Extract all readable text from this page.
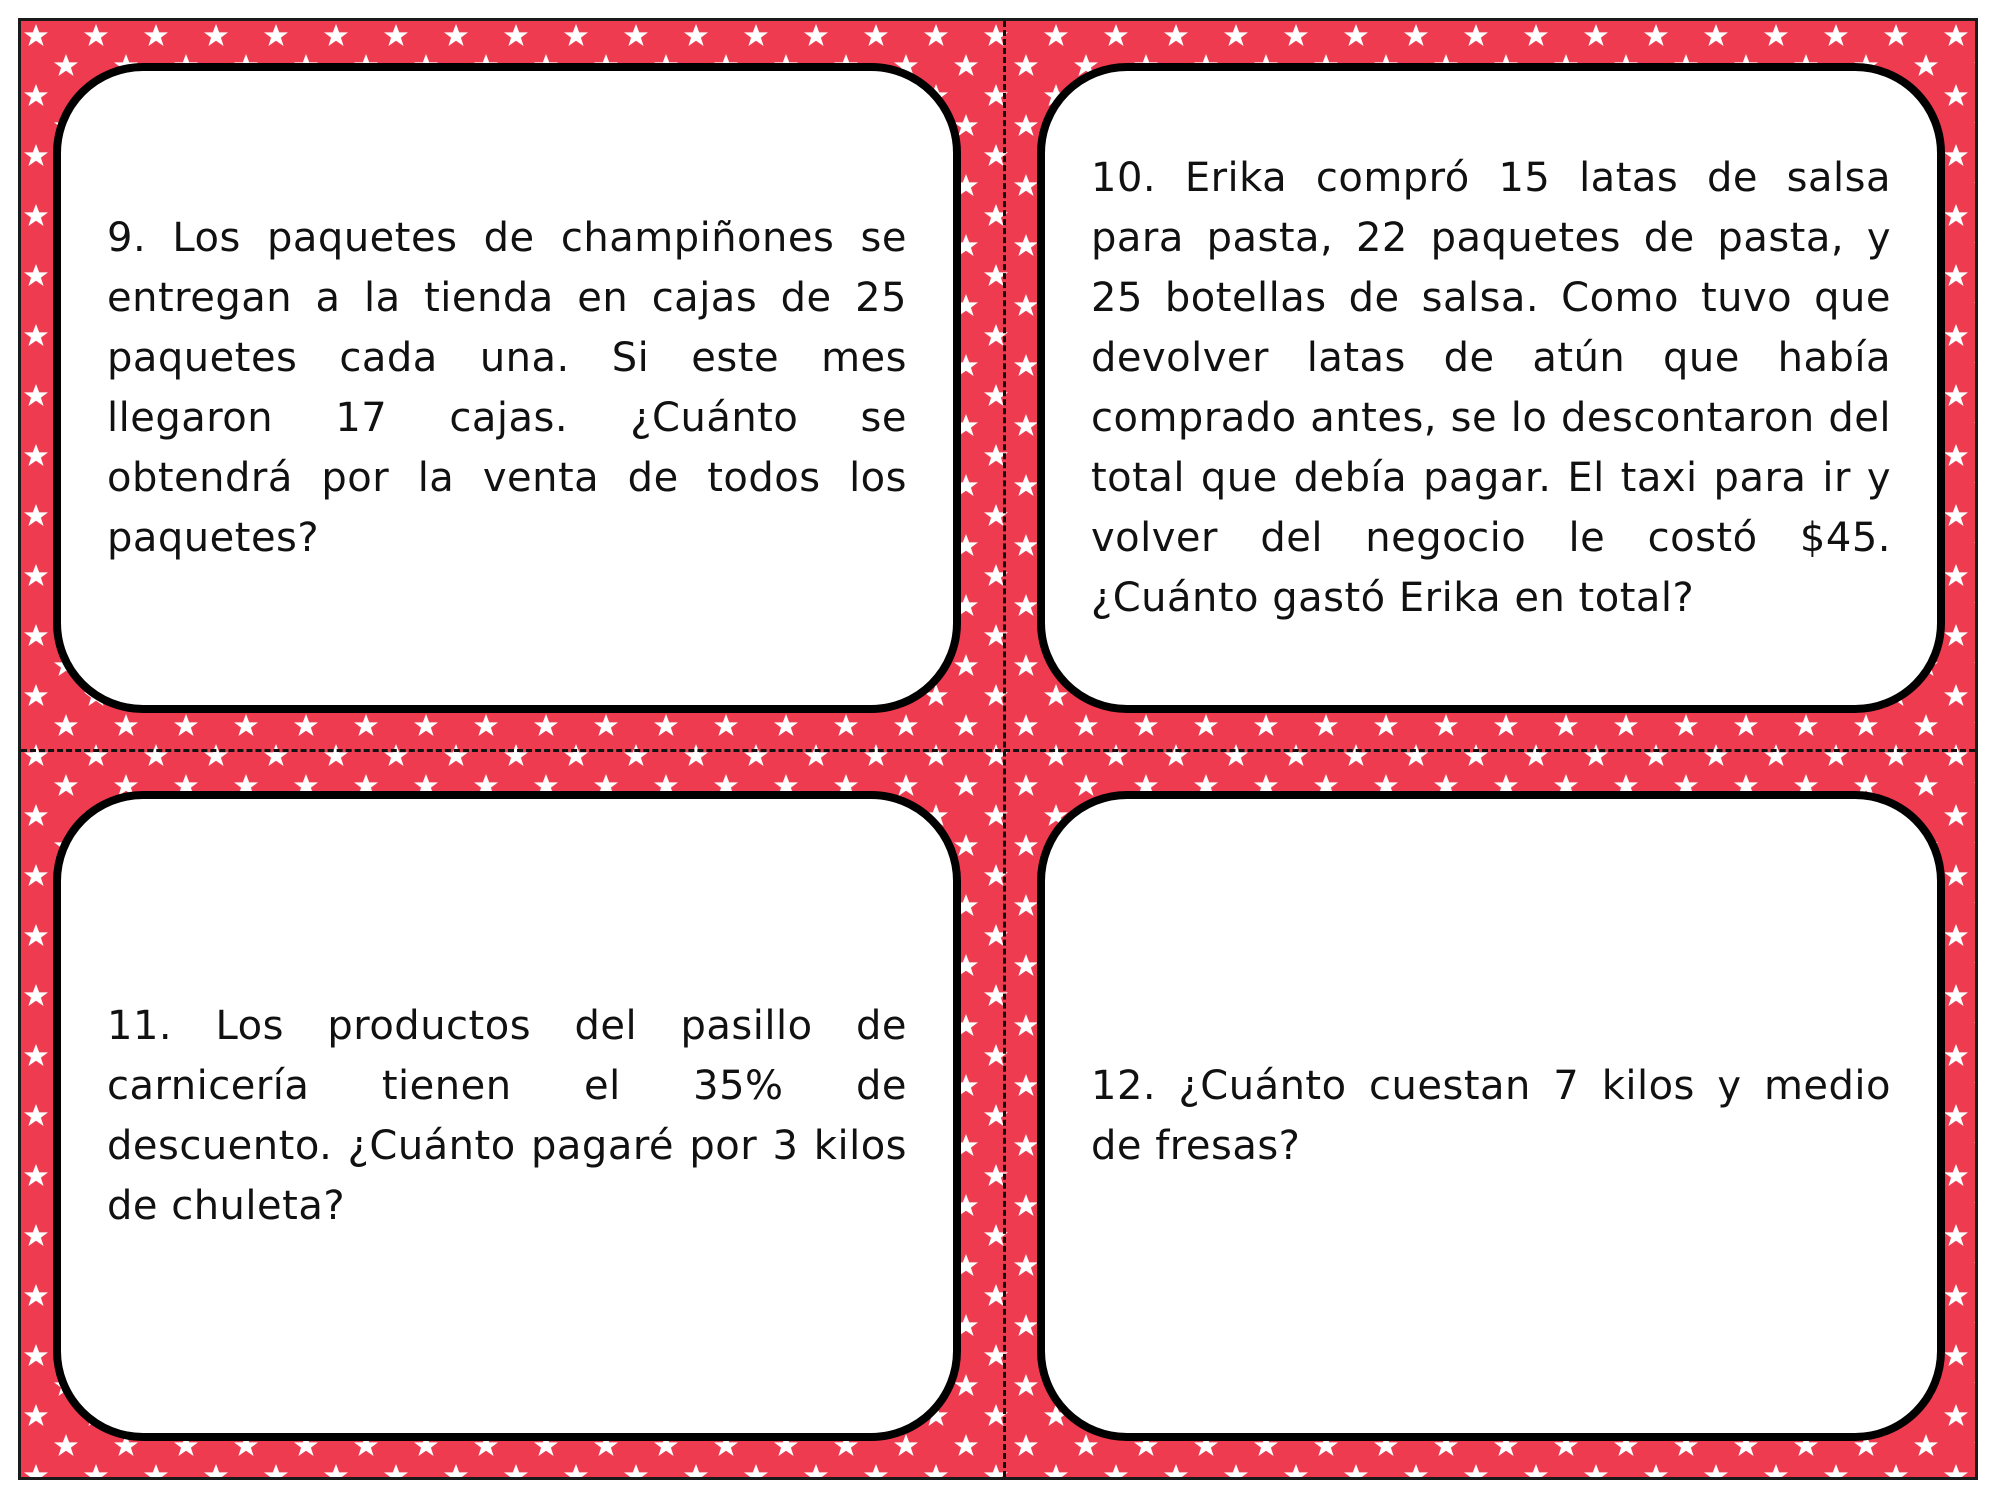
9. Los paquetes de champiñones se entregan a la tienda en cajas de 25 paquetes cada una. Si este mes llegaron 17 cajas. ¿Cuánto se obtendrá por la venta de todos los paquetes?

10. Erika compró 15 latas de salsa para pasta, 22 paquetes de pasta, y 25 botellas de salsa. Como tuvo que devolver latas de atún que había comprado antes, se lo descontaron del total que debía pagar. El taxi para ir y volver del negocio le costó $45. ¿Cuánto gastó Erika en total?

11. Los productos del pasillo de carnicería tienen el 35% de descuento. ¿Cuánto pagaré por 3 kilos de chuleta?

12. ¿Cuánto cuestan 7 kilos y medio de fresas?
